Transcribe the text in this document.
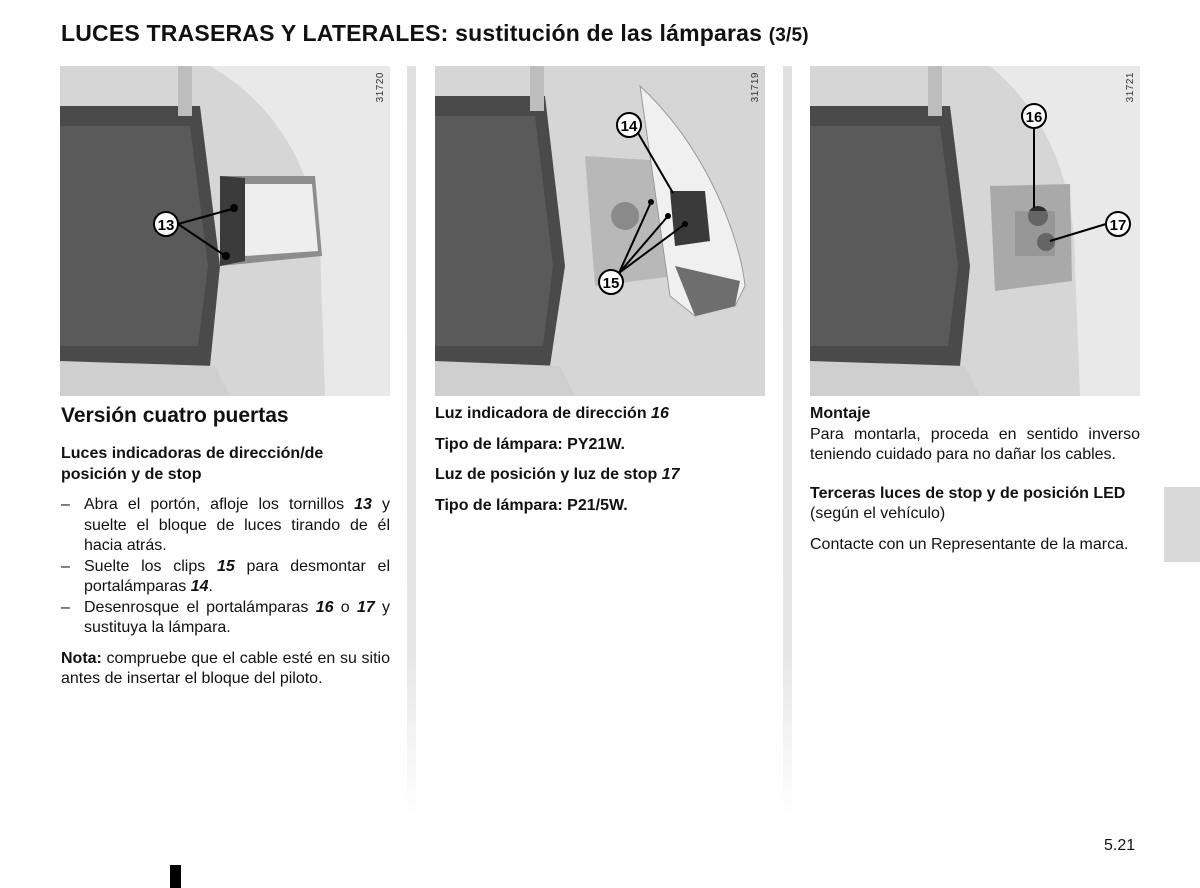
LUCES TRASERAS Y LATERALES: sustitución de las lámparas (3/5)
13
31720
14
15
31719
16
17
31721
Versión cuatro puertas
Luces indicadoras de dirección/de posición y de stop
– Abra el portón, afloje los tornillos 13 y suelte el bloque de luces tirando de él hacia atrás.
– Suelte los clips 15 para desmontar el portalámparas 14.
– Desenrosque el portalámparas 16 o 17 y sustituya la lámpara.

Nota: compruebe que el cable esté en su sitio antes de insertar el bloque del piloto.

Luz indicadora de dirección 16

Tipo de lámpara: PY21W.

Luz de posición y luz de stop 17

Tipo de lámpara: P21/5W.

Montaje

Para montarla, proceda en sentido inverso teniendo cuidado para no dañar los cables.

Terceras luces de stop y de posición LED

(según el vehículo)

Contacte con un Representante de la marca.

5.21
